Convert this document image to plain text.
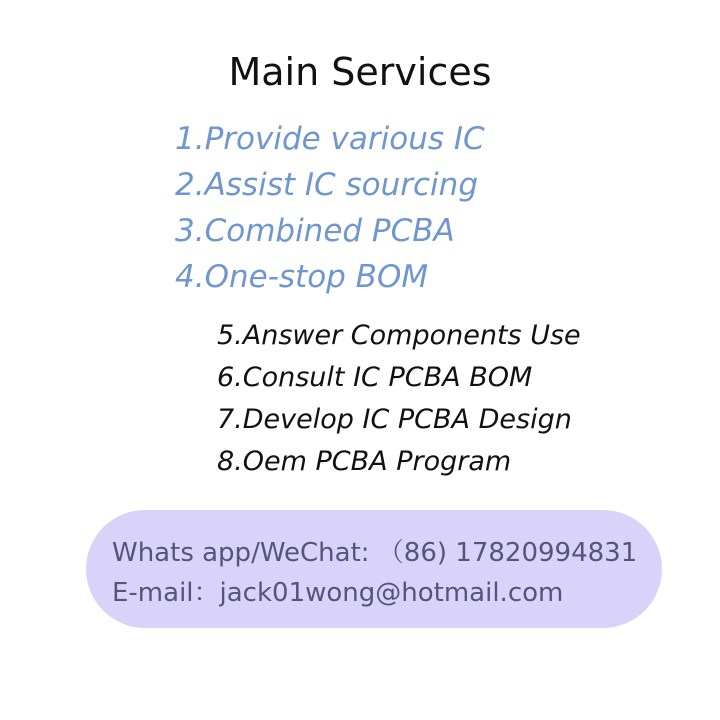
Main Services
1.Provide various IC
2.Assist IC sourcing
3.Combined PCBA
4.One-stop BOM
5.Answer Components Use
6.Consult IC PCBA BOM
7.Develop IC PCBA Design
8.Oem PCBA Program
Whats app/WeChat: （86) 17820994831
E-mail：jack01wong@hotmail.com
